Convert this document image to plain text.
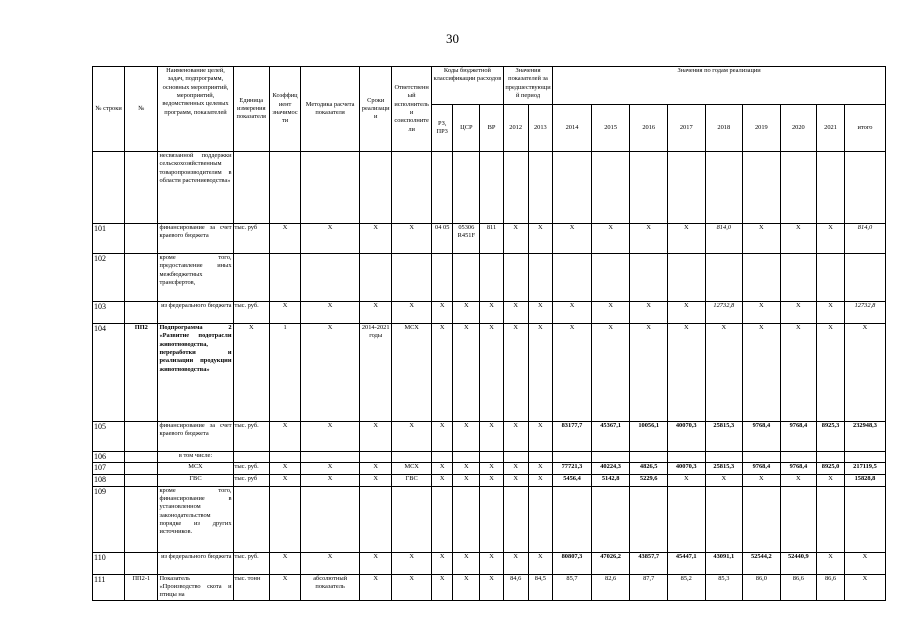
30
№ строки	№	Наименование целей, задач, подпрограмм, основных мероприятий, мероприятий, ведомственных целевых программ, показателей	Единица измерения показателя	Коэффициент значимости	Методика расчета показателя	Сроки реализации	Ответственный исполнитель и соисполнители	Коды бюджетной классификации расходов			Значения показателей за предшествующий период		Значения по годам реализации								
								РЗ, ПР3	ЦСР	ВР	2012	2013	2014	2015	2016	2017	2018	2019	2020	2021	итого
		несвязанной поддержки сельскохозяйственным товаропроизводителям в области растениеводства»																			
101		финансирование за счет краевого бюджета	тыс. руб	X	X	X	X	04 05	05306 R451F	811	X	X	X	X	X	X	814,0	X	X	X	814,0
102		кроме того, предоставление иных межбюджетных трансфертов,																			
103		из федерального бюджета	тыс. руб.	X	X	X	X	X	X	X	X	X	X	X	X	X	12732,8	X	X	X	12732,8
104	ПП2	Подпрограмма 2 «Развитие подотрасли животноводства, переработки и реализации продукции животноводства»	X	1	X	2014-2021 годы	МСХ	X	X	X	X	X	X	X	X	X	X	X	X	X	X
105		финансирование за счет краевого бюджета	тыс. руб.	X	X	X	X	X	X	X	X	X	83177,7	45367,1	10056,1	40070,3	25815,3	9768,4	9768,4	8925,3	232948,3
106		в том числе:																			
107		МСХ	тыс. руб.	X	X	X	МСХ	X	X	X	X	X	77721,3	40224,3	4826,5	40070,3	25815,3	9768,4	9768,4	8925,0	217119,5
108		ГВС	тыс. руб	X	X	X	ГВС	X	X	X	X	X	5456,4	5142,8	5229,6	X	X	X	X	X	15828,8
109		кроме того, финансирование в установленном законодательством порядке из других источников.																			
110		из федерального бюджета	тыс. руб.	X	X	X	X	X	X	X	X	X	80807,3	47026,2	43857,7	45447,1	43091,1	52544,2	52440,9	X	X
111	ПП2-1	Показатель «Производство скота и птицы на	тыс. тонн	X	абсолютный показатель	X	X	X	X	X	84,6	84,5	85,7	82,6	87,7	85,2	85,3	86,0	86,6	86,6	X
